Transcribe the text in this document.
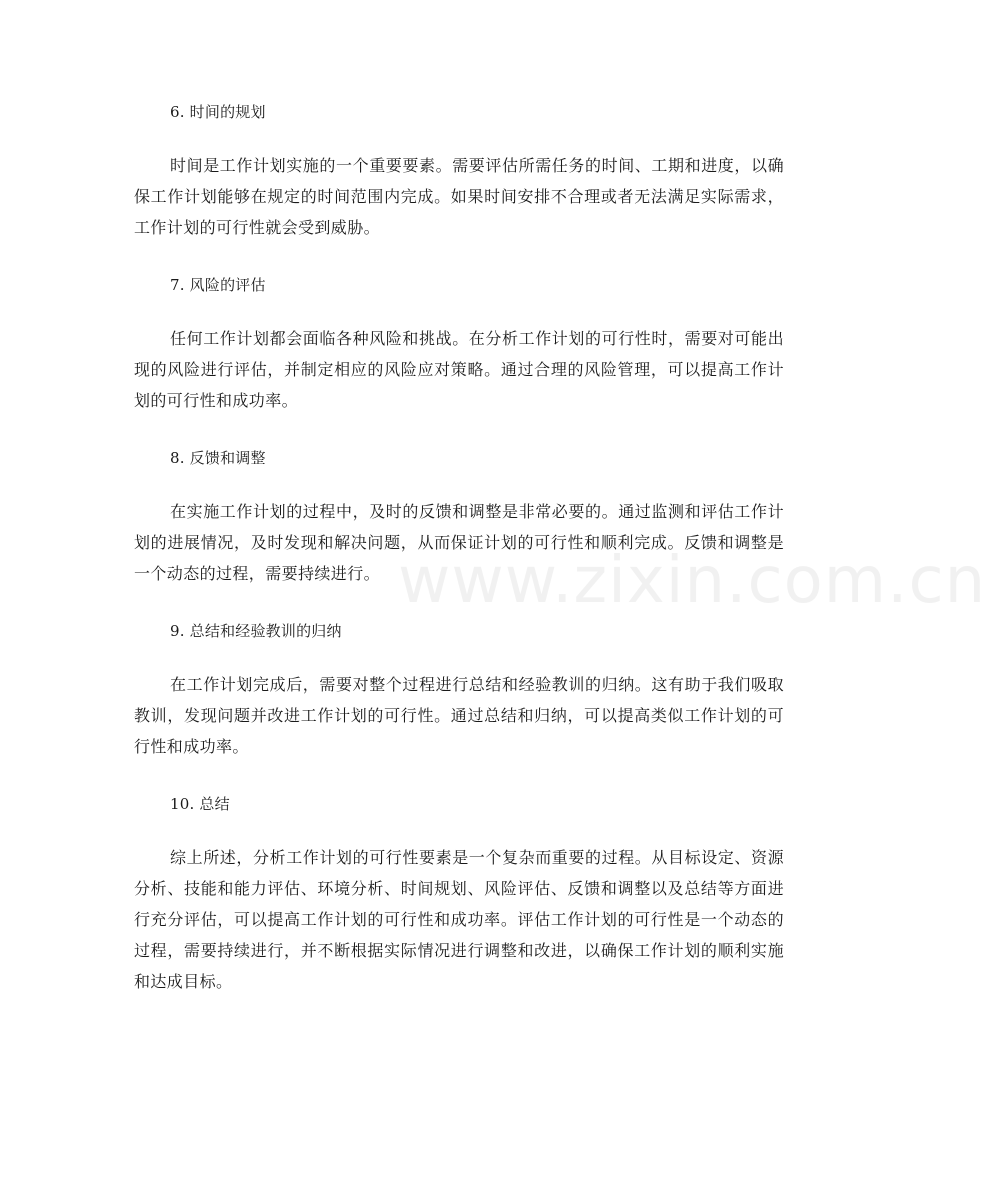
6. 时间的规划

时间是工作计划实施的一个重要要素。需要评估所需任务的时间、工期和进度，以确保工作计划能够在规定的时间范围内完成。如果时间安排不合理或者无法满足实际需求，工作计划的可行性就会受到威胁。

7. 风险的评估

任何工作计划都会面临各种风险和挑战。在分析工作计划的可行性时，需要对可能出现的风险进行评估，并制定相应的风险应对策略。通过合理的风险管理，可以提高工作计划的可行性和成功率。

8. 反馈和调整

在实施工作计划的过程中，及时的反馈和调整是非常必要的。通过监测和评估工作计划的进展情况，及时发现和解决问题，从而保证计划的可行性和顺利完成。反馈和调整是一个动态的过程，需要持续进行。

9. 总结和经验教训的归纳

在工作计划完成后，需要对整个过程进行总结和经验教训的归纳。这有助于我们吸取教训，发现问题并改进工作计划的可行性。通过总结和归纳，可以提高类似工作计划的可行性和成功率。

10. 总结

综上所述，分析工作计划的可行性要素是一个复杂而重要的过程。从目标设定、资源分析、技能和能力评估、环境分析、时间规划、风险评估、反馈和调整以及总结等方面进行充分评估，可以提高工作计划的可行性和成功率。评估工作计划的可行性是一个动态的过程，需要持续进行，并不断根据实际情况进行调整和改进，以确保工作计划的顺利实施和达成目标。

www.zixin.com.cn
